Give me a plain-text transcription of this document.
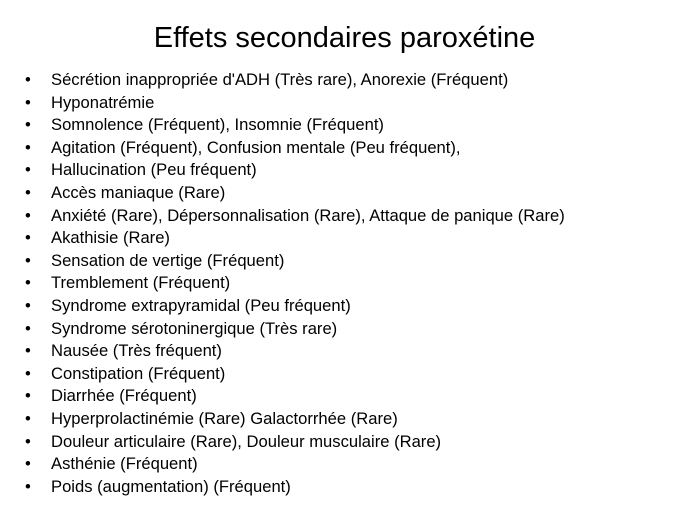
Effets secondaires paroxétine
•	Sécrétion inappropriée d'ADH (Très rare), Anorexie (Fréquent)
•	Hyponatrémie
•	Somnolence (Fréquent), Insomnie (Fréquent)
•	Agitation (Fréquent), Confusion mentale (Peu fréquent),
•	Hallucination (Peu fréquent)
•	Accès maniaque (Rare)
•	Anxiété (Rare), Dépersonnalisation (Rare), Attaque de panique (Rare)
•	Akathisie (Rare)
•	Sensation de vertige (Fréquent)
•	Tremblement (Fréquent)
•	Syndrome extrapyramidal (Peu fréquent)
•	Syndrome sérotoninergique (Très rare)
•	Nausée (Très fréquent)
•	Constipation (Fréquent)
•	Diarrhée (Fréquent)
•	Hyperprolactinémie (Rare) Galactorrhée (Rare)
•	Douleur articulaire (Rare), Douleur musculaire (Rare)
•	Asthénie (Fréquent)
•	Poids (augmentation) (Fréquent)
